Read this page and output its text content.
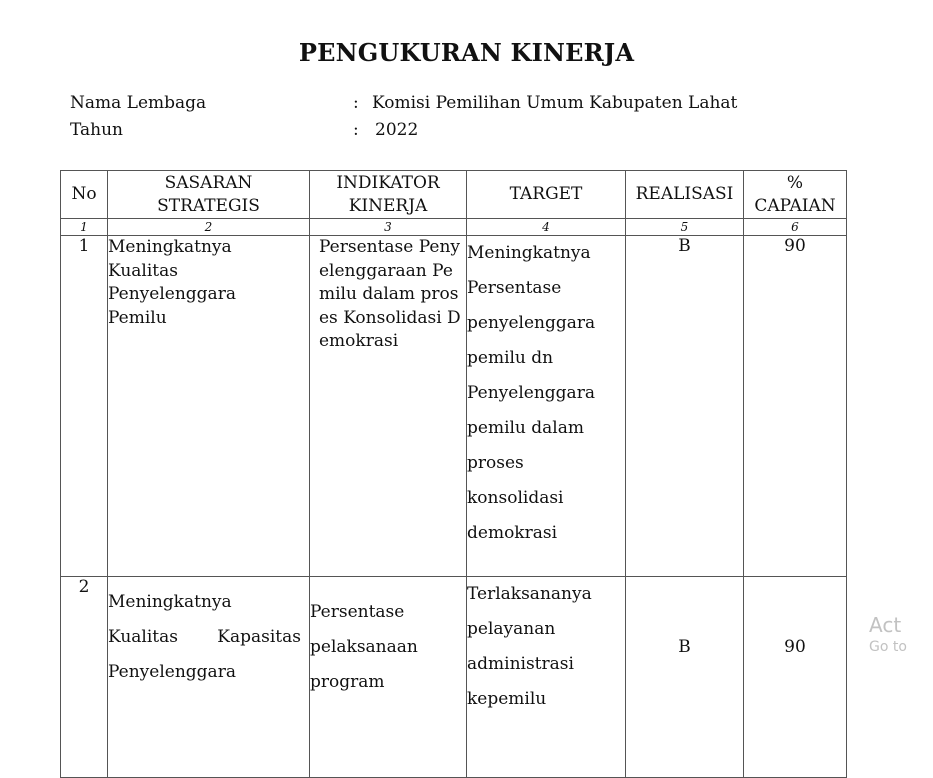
PENGUKURAN KINERJA
Nama Lembaga	: Komisi Pemilihan Umum Kabupaten Lahat
Tahun	: 2022
No	SASARAN STRATEGIS	INDIKATOR KINERJA	TARGET	REALISASI	% CAPAIAN
1	2	3	4	5	6
1	Meningkatnya Kualitas Penyelenggara Pemilu	Persentase Penyelenggaraan Pemilu dalam proses Konsolidasi Demokrasi	Meningkatnya Persentase penyelenggara pemilu dn Penyelenggara pemilu dalam proses konsolidasi demokrasi	B	90
2	Meningkatnya Kualitas Kapasitas Penyelenggara	Persentase pelaksanaan program	Terlaksananya pelayanan administrasi kepemilu	B	90
Act
Go to
